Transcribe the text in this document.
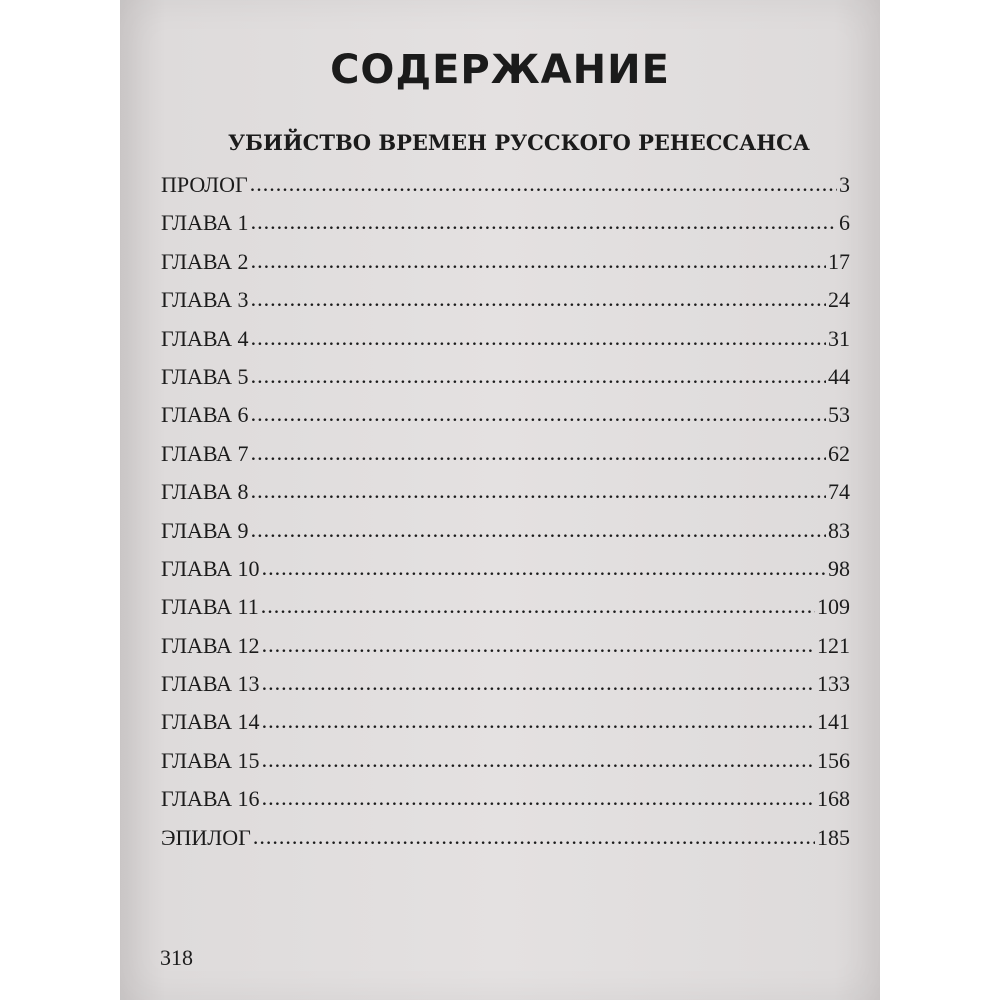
СОДЕРЖАНИЕ
УБИЙСТВО ВРЕМЕН РУССКОГО РЕНЕССАНСА
ПРОЛОГ .....	3
ГЛАВА 1 .....	6
ГЛАВА 2 .....	17
ГЛАВА 3 .....	24
ГЛАВА 4 .....	31
ГЛАВА 5 .....	44
ГЛАВА 6 .....	53
ГЛАВА 7 .....	62
ГЛАВА 8 .....	74
ГЛАВА 9 .....	83
ГЛАВА 10 .....	98
ГЛАВА 11 .....	109
ГЛАВА 12 .....	121
ГЛАВА 13 .....	133
ГЛАВА 14 .....	141
ГЛАВА 15 .....	156
ГЛАВА 16 .....	168
ЭПИЛОГ .....	185

318
